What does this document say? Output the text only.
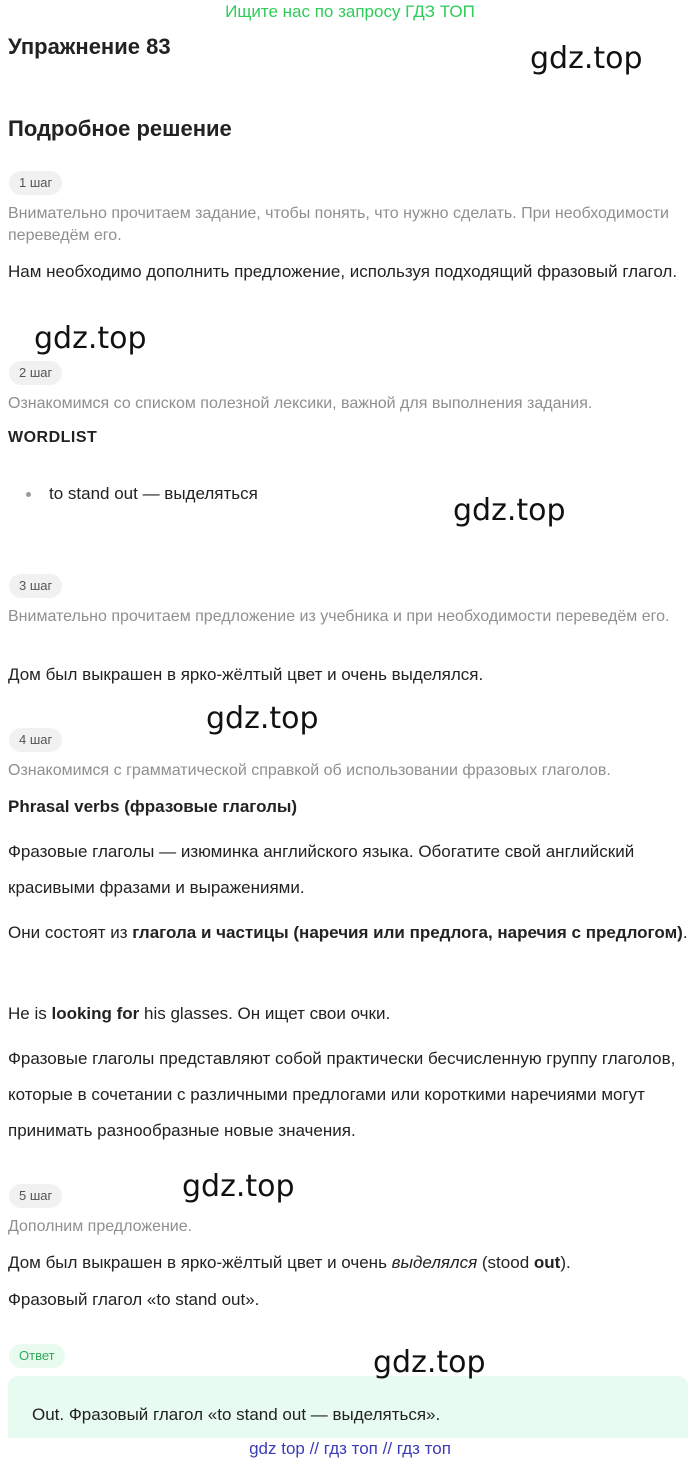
Ищите нас по запросу ГДЗ ТОП
Упражнение 83	gdz.top
Подробное решение
1 шаг
Внимательно прочитаем задание, чтобы понять, что нужно сделать. При необходимости переведём его.
Нам необходимо дополнить предложение, используя подходящий фразовый глагол.
gdz.top
2 шаг
Ознакомимся со списком полезной лексики, важной для выполнения задания.
WORDLIST
to stand out — выделяться	gdz.top
3 шаг
Внимательно прочитаем предложение из учебника и при необходимости переведём его.
Дом был выкрашен в ярко-жёлтый цвет и очень выделялся.
gdz.top
4 шаг
Ознакомимся с грамматической справкой об использовании фразовых глаголов.
Phrasal verbs (фразовые глаголы)
Фразовые глаголы — изюминка английского языка. Обогатите свой английский красивыми фразами и выражениями.
Они состоят из глагола и частицы (наречия или предлога, наречия с предлогом).
He is looking for his glasses. Он ищет свои очки.
Фразовые глаголы представляют собой практически бесчисленную группу глаголов, которые в сочетании с различными предлогами или короткими наречиями могут принимать разнообразные новые значения.
5 шаг	gdz.top
Дополним предложение.
Дом был выкрашен в ярко-жёлтый цвет и очень выделялся (stood out).
Фразовый глагол «to stand out».
Ответ	gdz.top
Out. Фразовый глагол «to stand out — выделяться».
gdz top // гдз топ // гдз топ
